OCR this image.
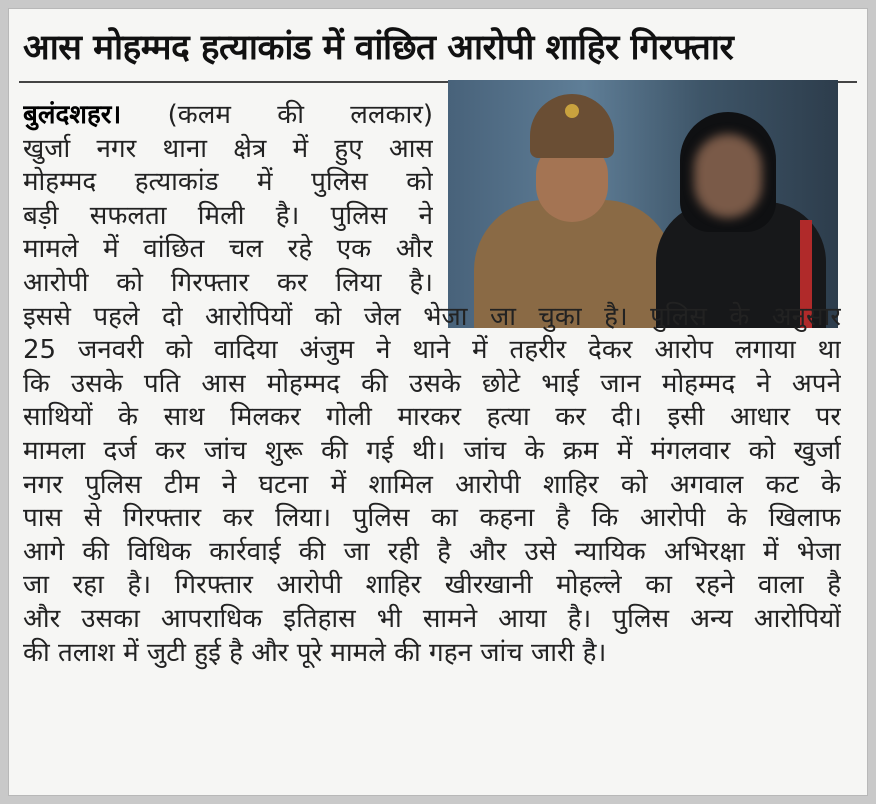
आस मोहम्मद हत्याकांड में वांछित आरोपी शाहिर गिरफ्तार
बुलंदशहर। (कलम की ललकार)
खुर्जा नगर थाना क्षेत्र में हुए आस
मोहम्मद हत्याकांड में पुलिस को
बड़ी सफलता मिली है। पुलिस ने
मामले में वांछित चल रहे एक और
आरोपी को गिरफ्तार कर लिया है।
इससे पहले दो आरोपियों को जेल भेजा जा चुका है। पुलिस के अनुसार
25 जनवरी को वादिया अंजुम ने थाने में तहरीर देकर आरोप लगाया था
कि उसके पति आस मोहम्मद की उसके छोटे भाई जान मोहम्मद ने अपने
साथियों के साथ मिलकर गोली मारकर हत्या कर दी। इसी आधार पर
मामला दर्ज कर जांच शुरू की गई थी। जांच के क्रम में मंगलवार को खुर्जा
नगर पुलिस टीम ने घटना में शामिल आरोपी शाहिर को अगवाल कट के
पास से गिरफ्तार कर लिया। पुलिस का कहना है कि आरोपी के खिलाफ
आगे की विधिक कार्रवाई की जा रही है और उसे न्यायिक अभिरक्षा में भेजा
जा रहा है। गिरफ्तार आरोपी शाहिर खीरखानी मोहल्ले का रहने वाला है
और उसका आपराधिक इतिहास भी सामने आया है। पुलिस अन्य आरोपियों
की तलाश में जुटी हुई है और पूरे मामले की गहन जांच जारी है।
